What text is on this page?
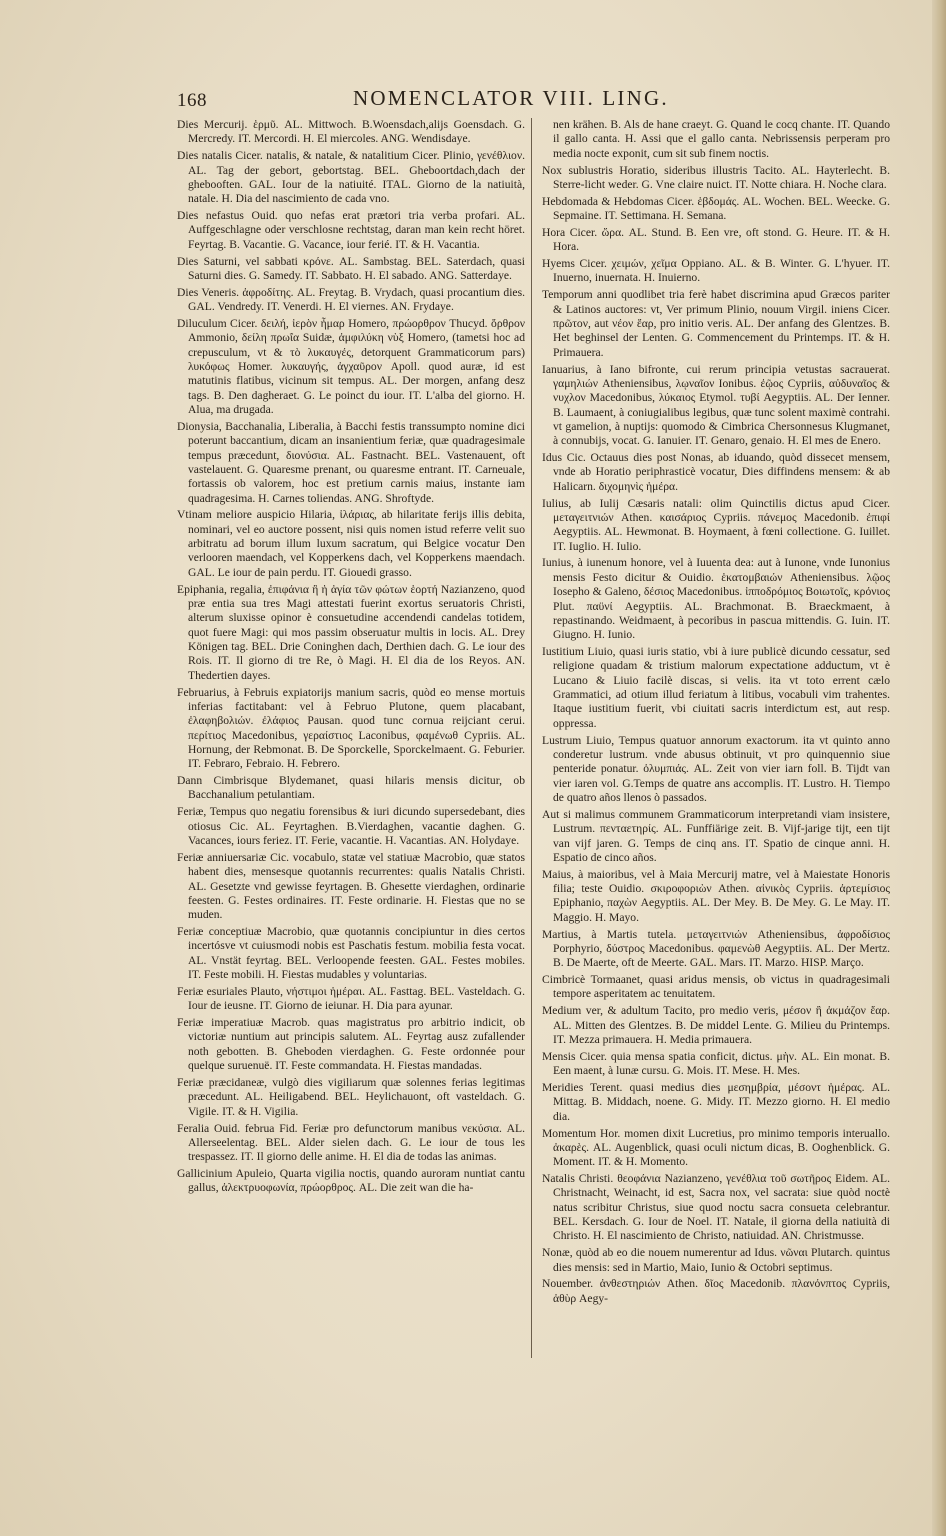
168	NOMENCLATOR VIII. LING.

Dies Mercurij. ἑρμῦ. AL. Mittwoch. B.Woensdach,alijs Goensdach. G. Mercredy. IT. Mercordi. H. El miercoles. ANG. Wendisdaye.

Dies natalis Cicer. natalis, & natale, & natalitium Cicer. Plinio, γενέθλιον. AL. Tag der gebort, gebortstag. BEL. Gheboortdach,dach der ghebooften. GAL. Iour de la natiuité. ITAL. Giorno de la natiuità, natale. H. Dia del nascimiento de cada vno.

Dies nefastus Ouid. quo nefas erat prætori tria verba profari. AL. Auffgeschlagne oder verschlosne rechtstag, daran man kein recht höret. Feyrtag. B. Vacantie. G. Vacance, iour ferié. IT. & H. Vacantia.

Dies Saturni, vel sabbati κρόνε. AL. Sambstag. BEL. Saterdach, quasi Saturni dies. G. Samedy. IT. Sabbato. H. El sabado. ANG. Satterdaye.

Dies Veneris. ἀφροδίτης. AL. Freytag. B. Vrydach, quasi procantium dies. GAL. Vendredy. IT. Venerdi. H. El viernes. AN. Frydaye.

Diluculum Cicer. δειλή, ἱερὸν ἦμαρ Homero, πρώορθρον Thucyd. ὄρθρον Ammonio, δείλη πρωΐα Suidæ, ἀμφιλύκη νὺξ Homero, (tametsi hoc ad crepusculum, vt & τὸ λυκαυγές, detorquent Grammaticorum pars) λυκόφως Homer. λυκαυγής, ἀγχαῦρον Apoll. quod auræ, id est matutinis flatibus, vicinum sit tempus. AL. Der morgen, anfang desz tags. B. Den dagheraet. G. Le poinct du iour. IT. L'alba del giorno. H. Alua, ma drugada.

Dionysia, Bacchanalia, Liberalia, à Bacchi festis transsumpto nomine dici poterunt baccantium, dicam an insanientium feriæ, quæ quadragesimale tempus præcedunt, διονύσια. AL. Fastnacht. BEL. Vastenauent, oft vastelauent. G. Quaresme prenant, ou quaresme entrant. IT. Carneuale, fortassis ob valorem, hoc est pretium carnis maius, instante iam quadragesima. H. Carnes toliendas. ANG. Shroftyde.

Vtinam meliore auspicio Hilaria, ἱλάριας, ab hilaritate ferijs illis debita, nominari, vel eo auctore possent, nisi quis nomen istud referre velit suo arbitratu ad borum illum luxum sacratum, qui Belgice vocatur Den verlooren maendach, vel Kopperkens dach, vel Kopperkens maendach. GAL. Le iour de pain perdu. IT. Giouedi grasso.

Epiphania, regalia, ἐπιφάνια ἢ ἡ ἁγία τῶν φώτων ἑορτή Nazianzeno, quod præ entia sua tres Magi attestati fuerint exortus seruatoris Christi, alterum sluxisse opinor è consuetudine accendendi candelas totidem, quot fuere Magi: qui mos passim obseruatur multis in locis. AL. Drey Königen tag. BEL. Drie Coninghen dach, Derthien dach. G. Le iour des Rois. IT. Il giorno di tre Re, ò Magi. H. El dia de los Reyos. AN. Thedertien dayes.

Februarius, à Februis expiatorijs manium sacris, quòd eo mense mortuis inferias factitabant: vel à Februo Plutone, quem placabant, ἐλαφηβολιών. ἐλάφιος Pausan. quod tunc cornua reijciant cerui. περίτιος Macedonibus, γεραίστιος Laconibus, φαμένωθ Cypriis. AL. Hornung, der Rebmonat. B. De Sporckelle, Sporckelmaent. G. Feburier. IT. Febraro, Febraio. H. Febrero.

Dann Cimbrisque Blydemanet, quasi hilaris mensis dicitur, ob Bacchanalium petulantiam.

Feriæ, Tempus quo negatiu forensibus & iuri dicundo supersedebant, dies otiosus Cic. AL. Feyrtaghen. B.Vierdaghen, vacantie daghen. G. Vacances, iours feriez. IT. Ferie, vacantie. H. Vacantias. AN. Holydaye.

Feriæ anniuersariæ Cic. vocabulo, statæ vel statiuæ Macrobio, quæ statos habent dies, mensesque quotannis recurrentes: qualis Natalis Christi. AL. Gesetzte vnd gewisse feyrtagen. B. Ghesette vierdaghen, ordinarie feesten. G. Festes ordinaires. IT. Feste ordinarie. H. Fiestas que no se muden.

Feriæ conceptiuæ Macrobio, quæ quotannis concipiuntur in dies certos incertósve vt cuiusmodi nobis est Paschatis festum. mobilia festa vocat. AL. Vnstät feyrtag. BEL. Verloopende feesten. GAL. Festes mobiles. IT. Feste mobili. H. Fiestas mudables y voluntarias.

Feriæ esuriales Plauto, νήστιμοι ἡμέραι. AL. Fasttag. BEL. Vasteldach. G. Iour de ieusne. IT. Giorno de ieiunar. H. Dia para ayunar.

Feriæ imperatiuæ Macrob. quas magistratus pro arbitrio indicit, ob victoriæ nuntium aut principis salutem. AL. Feyrtag ausz zufallender noth gebotten. B. Gheboden vierdaghen. G. Feste ordonnée pour quelque suruenuë. IT. Feste commandata. H. Fiestas mandadas.

Feriæ præcidaneæ, vulgò dies vigiliarum quæ solennes ferias legitimas præcedunt. AL. Heiligabend. BEL. Heylichauont, oft vasteldach. G. Vigile. IT. & H. Vigilia.

Feralia Ouid. februa Fid. Feriæ pro defunctorum manibus νεκύσια. AL. Allerseelentag. BEL. Alder sielen dach. G. Le iour de tous les trespassez. IT. Il giorno delle anime. H. El dia de todas las animas.

Gallicinium Apuleio, Quarta vigilia noctis, quando auroram nuntiat cantu gallus, ἀλεκτρυοφωνία, πρώορθρος. AL. Die zeit wan die ha-

nen krähen. B. Als de hane craeyt. G. Quand le cocq chante. IT. Quando il gallo canta. H. Assi que el gallo canta. Nebrissensis perperam pro media nocte exponit, cum sit sub finem noctis.

Nox sublustris Horatio, sideribus illustris Tacito. AL. Hayterlecht. B. Sterre-licht weder. G. Vne claire nuict. IT. Notte chiara. H. Noche clara.

Hebdomada & Hebdomas Cicer. ἑβδομάς. AL. Wochen. BEL. Weecke. G. Sepmaine. IT. Settimana. H. Semana.

Hora Cicer. ὥρα. AL. Stund. B. Een vre, oft stond. G. Heure. IT. & H. Hora.

Hyems Cicer. χειμών, χεῖμα Oppiano. AL. & B. Winter. G. L'hyuer. IT. Inuerno, inuernata. H. Inuierno.

Temporum anni quodlibet tria ferè habet discrimina apud Græcos pariter & Latinos auctores: vt, Ver primum Plinio, nouum Virgil. iniens Cicer. πρῶτον, aut νέον ἔαρ, pro initio veris. AL. Der anfang des Glentzes. B. Het beghinsel der Lenten. G. Commencement du Printemps. IT. & H. Primauera.

Ianuarius, à Iano bifronte, cui rerum principia vetustas sacrauerat. γαμηλιών Atheniensibus, λῳναῖον Ionibus. ἐῷος Cypriis, αὐδυναῖος & νυχλον Macedonibus, λύκαιος Etymol. τυβί Aegyptiis. AL. Der Ienner. B. Laumaent, à coniugialibus legibus, quæ tunc solent maximè contrahi. vt gamelion, à nuptijs: quomodo & Cimbrica Chersonnesus Klugmanet, à connubijs, vocat. G. Ianuier. IT. Genaro, genaio. H. El mes de Enero.

Idus Cic. Octauus dies post Nonas, ab iduando, quòd dissecet mensem, vnde ab Horatio periphrasticè vocatur, Dies diffindens mensem: & ab Halicarn. διχομηνὶς ἡμέρα.

Iulius, ab Iulij Cæsaris natali: olim Quinctilis dictus apud Cicer. μεταγειτνιών Athen. καισάριος Cypriis. πάνεμος Macedonib. ἐπιφί Aegyptiis. AL. Hewmonat. B. Hoymaent, à fœni collectione. G. Iuillet. IT. Iuglio. H. Iulio.

Iunius, à iunenum honore, vel à Iuuenta dea: aut à Iunone, vnde Iunonius mensis Festo dicitur & Ouidio. ἑκατομβαιών Atheniensibus. λῷος Iosepho & Galeno, δέσιος Macedonibus. ἱπποδρόμιος Βοιωτοῖς, κρόνιος Plut. παϋνί Aegyptiis. AL. Brachmonat. B. Braeckmaent, à repastinando. Weidmaent, à pecoribus in pascua mittendis. G. Iuin. IT. Giugno. H. Iunio.

Iustitium Liuio, quasi iuris statio, vbi à iure publicè dicundo cessatur, sed religione quadam & tristium malorum expectatione adductum, vt è Lucano & Liuio facilè discas, si velis. ita vt toto errent cælo Grammatici, ad otium illud feriatum à litibus, vocabuli vim trahentes. Itaque iustitium fuerit, vbi ciuitati sacris interdictum est, aut resp. oppressa.

Lustrum Liuio, Tempus quatuor annorum exactorum. ita vt quinto anno conderetur lustrum. vnde abusus obtinuit, vt pro quinquennio siue penteride ponatur. ὀλυμπιάς. AL. Zeit von vier iarn foll. B. Tijdt van vier iaren vol. G.Temps de quatre ans accomplis. IT. Lustro. H. Tiempo de quatro años llenos ò passados.

Aut si malimus communem Grammaticorum interpretandi viam insistere, Lustrum. πενταετηρίς. AL. Funffiärige zeit. B. Vijf-jarige tijt, een tijt van vijf jaren. G. Temps de cinq ans. IT. Spatio de cinque anni. H. Espatio de cinco años.

Maius, à maioribus, vel à Maia Mercurij matre, vel à Maiestate Honoris filia; teste Ouidio. σκιροφοριὼν Athen. αἰνικὸς Cypriis. ἀρτεμίσιος Epiphanio, παχὼν Aegyptiis. AL. Der Mey. B. De Mey. G. Le May. IT. Maggio. H. Mayo.

Martius, à Martis tutela. μεταγειτνιών Atheniensibus, ἀφροδίσιος Porphyrio, δύστρος Macedonibus. φαμενὼθ Aegyptiis. AL. Der Mertz. B. De Maerte, oft de Meerte. GAL. Mars. IT. Marzo. HISP. Março.

Cimbricè Tormaanet, quasi aridus mensis, ob victus in quadragesimali tempore asperitatem ac tenuitatem.

Medium ver, & adultum Tacito, pro medio veris, μέσον ἢ ἀκμάζον ἔαρ. AL. Mitten des Glentzes. B. De middel Lente. G. Milieu du Printemps. IT. Mezza primauera. H. Media primauera.

Mensis Cicer. quia mensa spatia conficit, dictus. μὴν. AL. Ein monat. B. Een maent, à lunæ cursu. G. Mois. IT. Mese. H. Mes.

Meridies Terent. quasi medius dies μεσημβρία, μέσοντ ἡμέρας. AL. Mittag. B. Middach, noene. G. Midy. IT. Mezzo giorno. H. El medio dia.

Momentum Hor. momen dixit Lucretius, pro minimo temporis interuallo. ἀκαρὲς. AL. Augenblick, quasi oculi nictum dicas, B. Ooghenblick. G. Moment. IT. & H. Momento.

Natalis Christi. θεοφάνια Nazianzeno, γενέθλια τοῦ σωτῆρος Eidem. AL. Christnacht, Weinacht, id est, Sacra nox, vel sacrata: siue quòd noctè natus scribitur Christus, siue quod noctu sacra consueta celebrantur. BEL. Kersdach. G. Iour de Noel. IT. Natale, il giorna della natiuità di Christo. H. El nascimiento de Christo, natiuidad. AN. Christmusse.

Nonæ, quòd ab eo die nouem numerentur ad Idus. νῶναι Plutarch. quintus dies mensis: sed in Martio, Maio, Iunio & Octobri septimus.

Nouember. ἀνθεστηριών Athen. δῖος Macedonib. πλανόνπτος Cypriis, ἀθὺρ Aegy-
